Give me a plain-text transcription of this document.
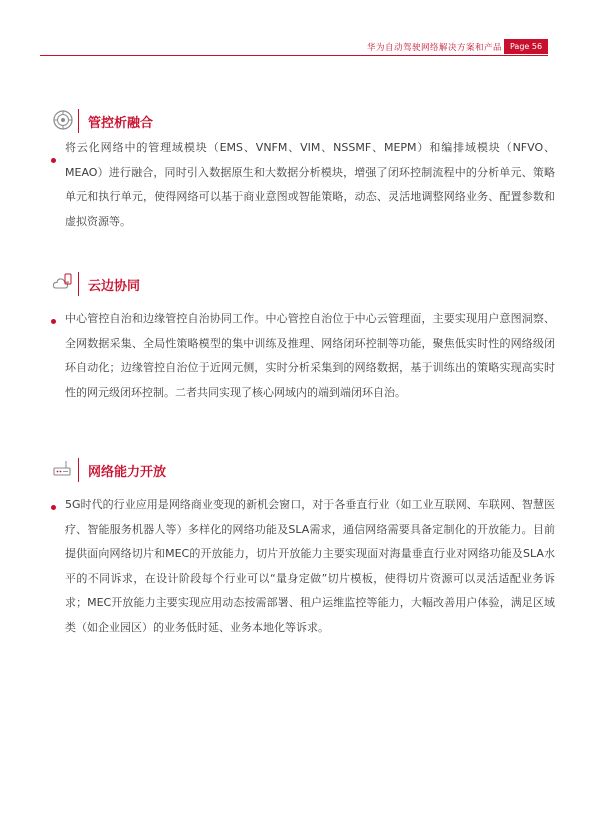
华为自动驾驶网络解决方案和产品 Page 56
管控析融合

将云化网络中的管理域模块（EMS、VNFM、VIM、NSSMF、MEPM）和编排域模块（NFVO、MEAO）进行融合，同时引入数据原生和大数据分析模块，增强了闭环控制流程中的分析单元、策略单元和执行单元，使得网络可以基于商业意图或智能策略，动态、灵活地调整网络业务、配置参数和虚拟资源等。

云边协同

中心管控自治和边缘管控自治协同工作。中心管控自治位于中心云管理面，主要实现用户意图洞察、全网数据采集、全局性策略模型的集中训练及推理、网络闭环控制等功能，聚焦低实时性的网络级闭环自动化；边缘管控自治位于近网元侧，实时分析采集到的网络数据，基于训练出的策略实现高实时性的网元级闭环控制。二者共同实现了核心网域内的端到端闭环自治。

网络能力开放

5G时代的行业应用是网络商业变现的新机会窗口，对于各垂直行业（如工业互联网、车联网、智慧医疗、智能服务机器人等）多样化的网络功能及SLA需求，通信网络需要具备定制化的开放能力。目前提供面向网络切片和MEC的开放能力，切片开放能力主要实现面对海量垂直行业对网络功能及SLA水平的不同诉求，在设计阶段每个行业可以“量身定做”切片模板，使得切片资源可以灵活适配业务诉求；MEC开放能力主要实现应用动态按需部署、租户运维监控等能力，大幅改善用户体验，满足区域类（如企业园区）的业务低时延、业务本地化等诉求。
